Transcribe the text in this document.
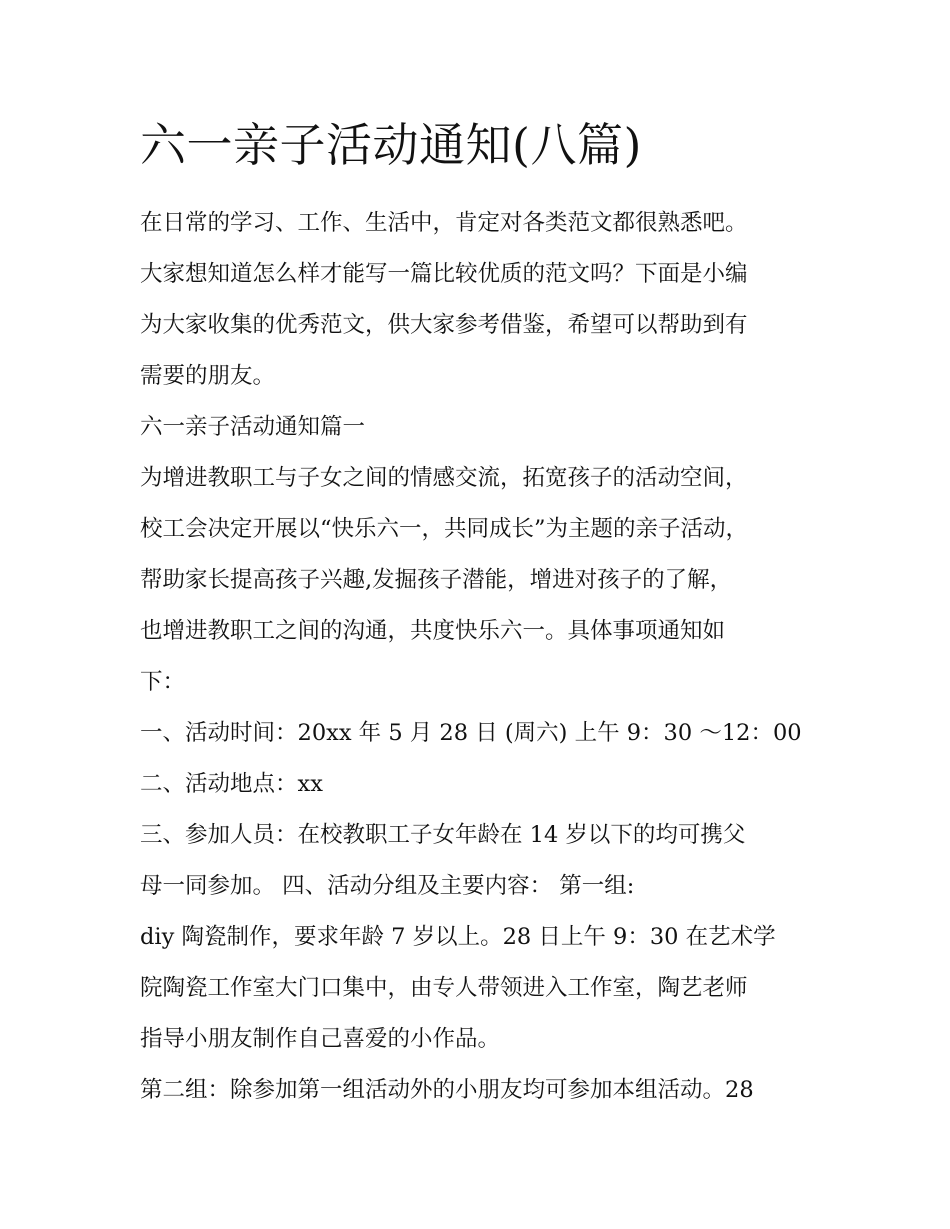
六一亲子活动通知(八篇)
在日常的学习、工作、生活中，肯定对各类范文都很熟悉吧。
大家想知道怎么样才能写一篇比较优质的范文吗？下面是小编
为大家收集的优秀范文，供大家参考借鉴，希望可以帮助到有
需要的朋友。
六一亲子活动通知篇一
为增进教职工与子女之间的情感交流，拓宽孩子的活动空间，
校工会决定开展以“快乐六一，共同成长”为主题的亲子活动，
帮助家长提高孩子兴趣,发掘孩子潜能，增进对孩子的了解，
也增进教职工之间的沟通，共度快乐六一。具体事项通知如
下：
一、活动时间：20xx 年 5 月 28 日 (周六) 上午 9：30 ～12：00
二、活动地点：xx
三、参加人员：在校教职工子女年龄在 14 岁以下的均可携父
母一同参加。 四、活动分组及主要内容： 第一组:
diy 陶瓷制作，要求年龄 7 岁以上。28 日上午 9：30 在艺术学
院陶瓷工作室大门口集中，由专人带领进入工作室，陶艺老师
指导小朋友制作自己喜爱的小作品。
第二组：除参加第一组活动外的小朋友均可参加本组活动。28
